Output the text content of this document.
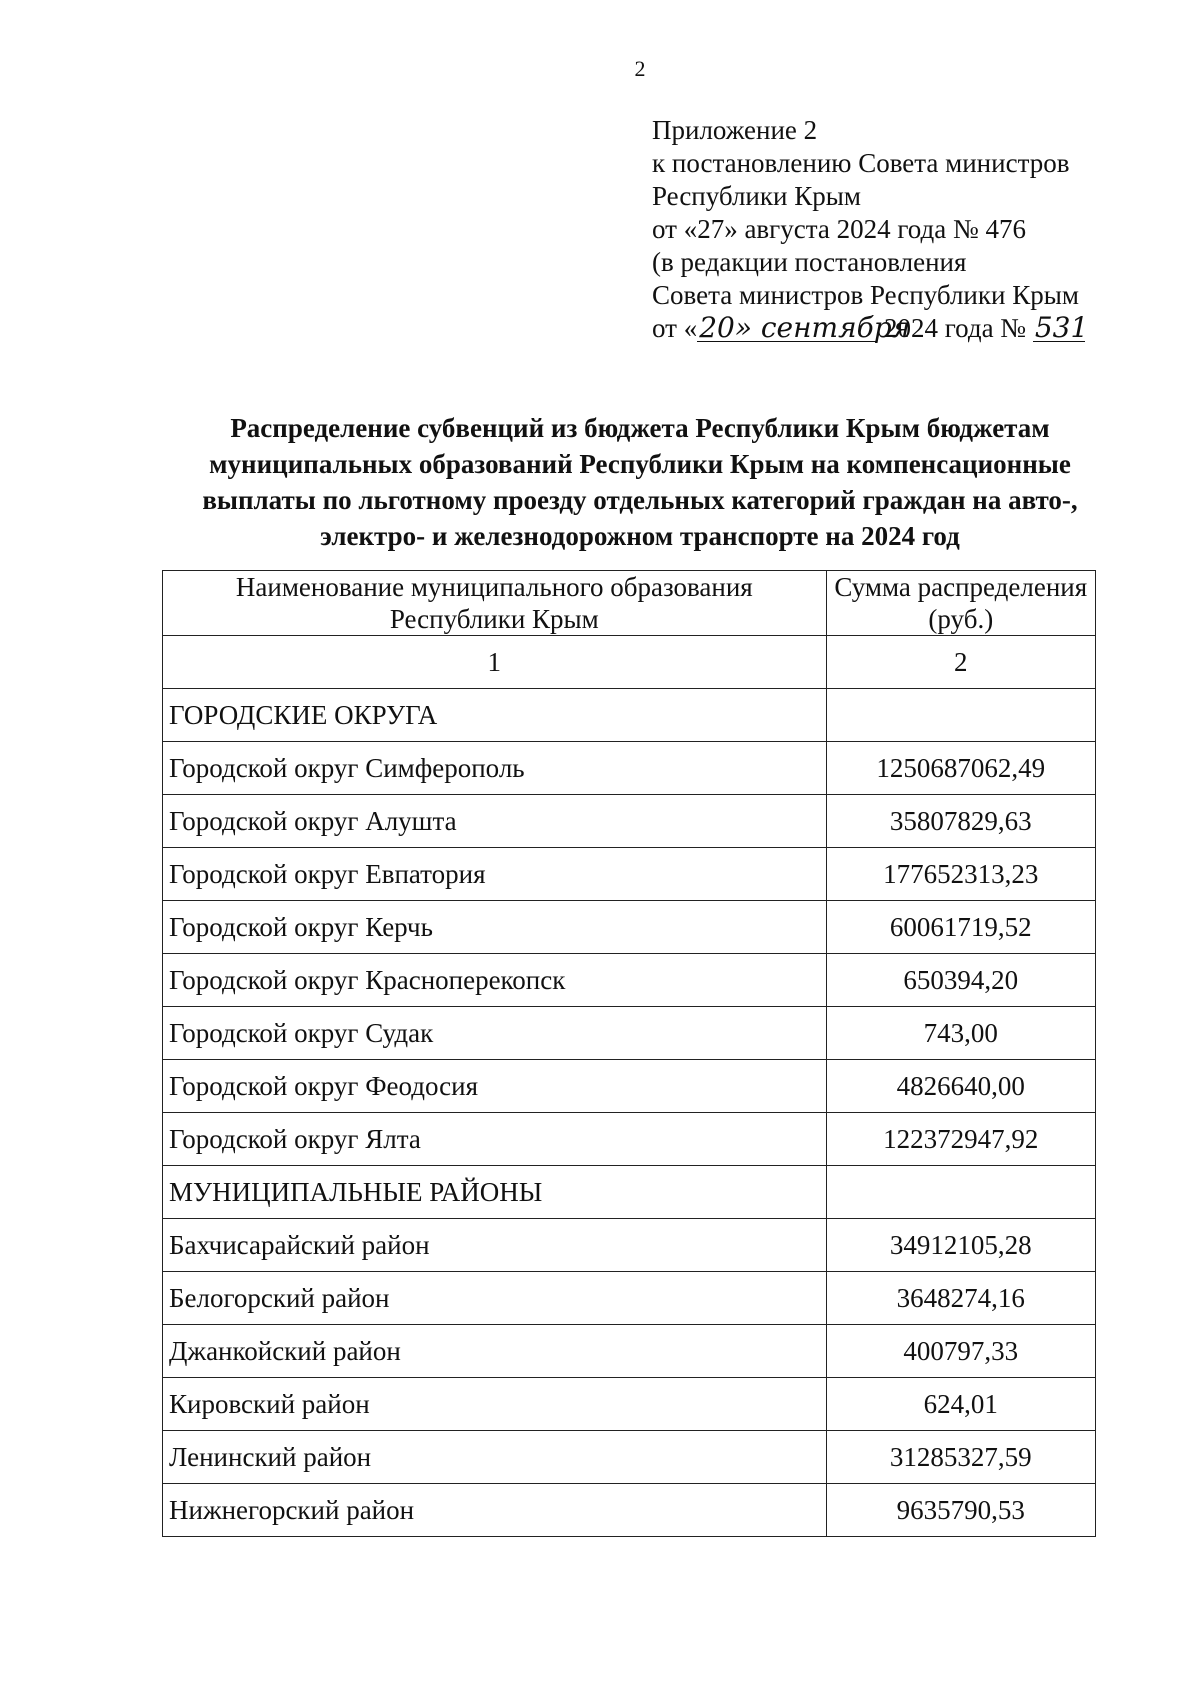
2
Приложение 2
к постановлению Совета министров
Республики Крым
от «27» августа 2024 года № 476
(в редакции постановления
Совета министров Республики Крым
от «20» сентября 2024 года № 531
Распределение субвенций из бюджета Республики Крым бюджетам муниципальных образований Республики Крым на компенсационные выплаты по льготному проезду отдельных категорий граждан на авто-, электро- и железнодорожном транспорте на 2024 год
Наименование муниципального образования Республики Крым	Сумма распределения (руб.)
1	2
ГОРОДСКИЕ ОКРУГА	
Городской округ Симферополь	1250687062,49
Городской округ Алушта	35807829,63
Городской округ Евпатория	177652313,23
Городской округ Керчь	60061719,52
Городской округ Красноперекопск	650394,20
Городской округ Судак	743,00
Городской округ Феодосия	4826640,00
Городской округ Ялта	122372947,92
МУНИЦИПАЛЬНЫЕ РАЙОНЫ	
Бахчисарайский район	34912105,28
Белогорский район	3648274,16
Джанкойский район	400797,33
Кировский район	624,01
Ленинский район	31285327,59
Нижнегорский район	9635790,53
